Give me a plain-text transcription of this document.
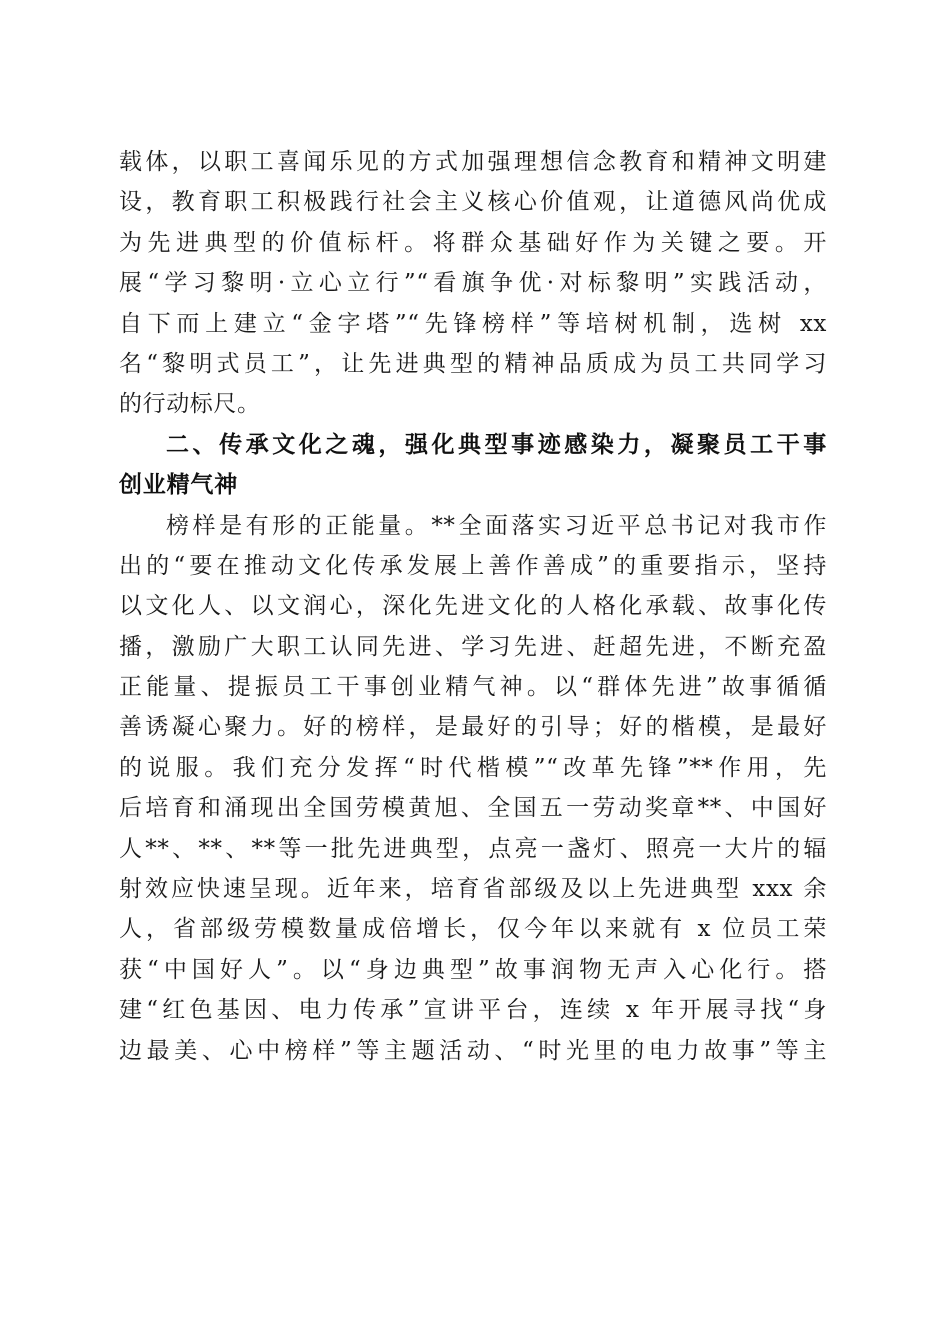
载体，以职工喜闻乐见的方式加强理想信念教育和精神文明建
设，教育职工积极践行社会主义核心价值观，让道德风尚优成
为先进典型的价值标杆。将群众基础好作为关键之要。开
展“学习黎明·立心立行”“看旗争优·对标黎明”实践活动，
自下而上建立“金字塔”“先锋榜样”等培树机制，选树 xx
名“黎明式员工”，让先进典型的精神品质成为员工共同学习
的行动标尺。
二、传承文化之魂，强化典型事迹感染力，凝聚员工干事
创业精气神
榜样是有形的正能量。**全面落实习近平总书记对我市作
出的“要在推动文化传承发展上善作善成”的重要指示，坚持
以文化人、以文润心，深化先进文化的人格化承载、故事化传
播，激励广大职工认同先进、学习先进、赶超先进，不断充盈
正能量、提振员工干事创业精气神。以“群体先进”故事循循
善诱凝心聚力。好的榜样，是最好的引导；好的楷模，是最好
的说服。我们充分发挥“时代楷模”“改革先锋”**作用，先
后培育和涌现出全国劳模黄旭、全国五一劳动奖章**、中国好
人**、**、**等一批先进典型，点亮一盏灯、照亮一大片的辐
射效应快速呈现。近年来，培育省部级及以上先进典型 xxx 余
人，省部级劳模数量成倍增长，仅今年以来就有 x 位员工荣
获“中国好人”。以“身边典型”故事润物无声入心化行。搭
建“红色基因、电力传承”宣讲平台，连续 x 年开展寻找“身
边最美、心中榜样”等主题活动、“时光里的电力故事”等主
